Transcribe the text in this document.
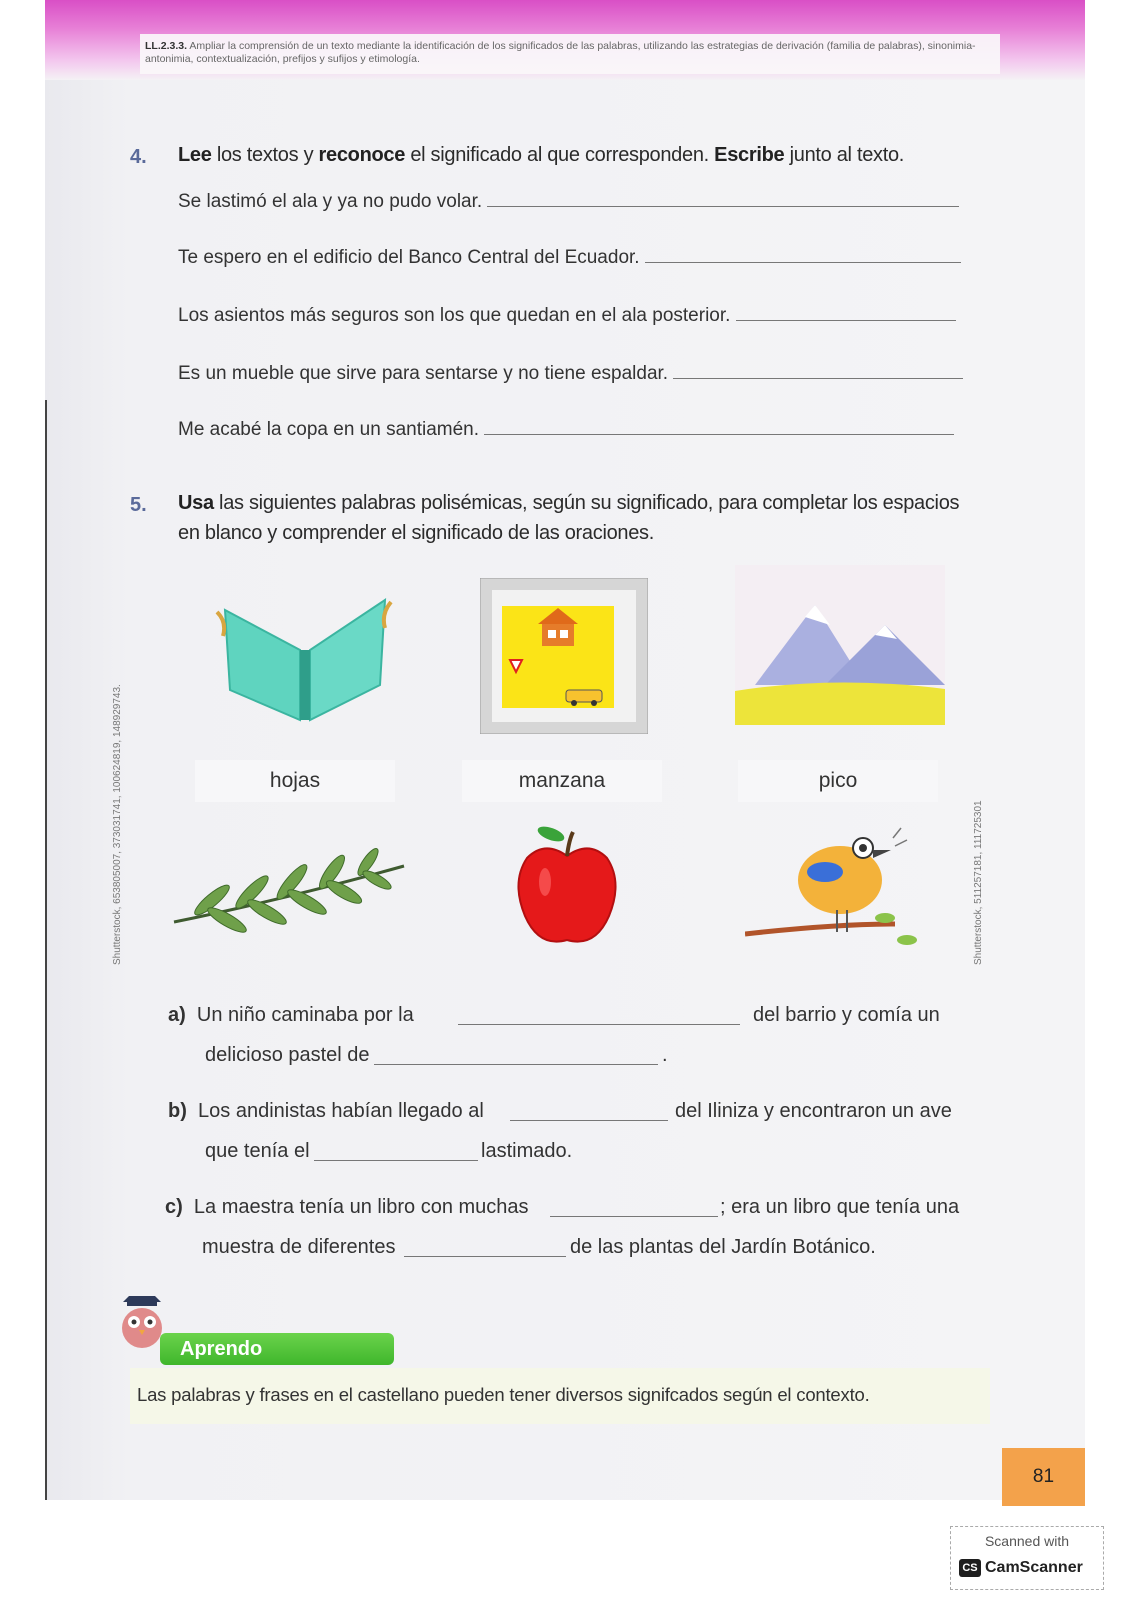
LL.2.3.3. Ampliar la comprensión de un texto mediante la identificación de los significados de las palabras, utilizando las estrategias de derivación (familia de palabras), sinonimia-antonimia, contextualización, prefijos y sufijos y etimología.
4. Lee los textos y reconoce el significado al que corresponden. Escribe junto al texto.
Se lastimó el ala y ya no pudo volar.
Te espero en el edificio del Banco Central del Ecuador.
Los asientos más seguros son los que quedan en el ala posterior.
Es un mueble que sirve para sentarse y no tiene espaldar.
Me acabé la copa en un santiamén.
5. Usa las siguientes palabras polisémicas, según su significado, para completar los espacios
en blanco y comprender el significado de las oraciones.
hojas	manzana	pico
Shutterstock, 653805007, 373031741, 100624819, 148929743.	Shutterstock, 511257181, 111725301
a) Un niño caminaba por la	del barrio y comía un
delicioso pastel de	.
b) Los andinistas habían llegado al	del Iliniza y encontraron un ave
que tenía el	lastimado.
c) La maestra tenía un libro con muchas	; era un libro que tenía una
muestra de diferentes	de las plantas del Jardín Botánico.
Aprendo
Las palabras y frases en el castellano pueden tener diversos signifcados según el contexto.
81
Scanned with
CS CamScanner
